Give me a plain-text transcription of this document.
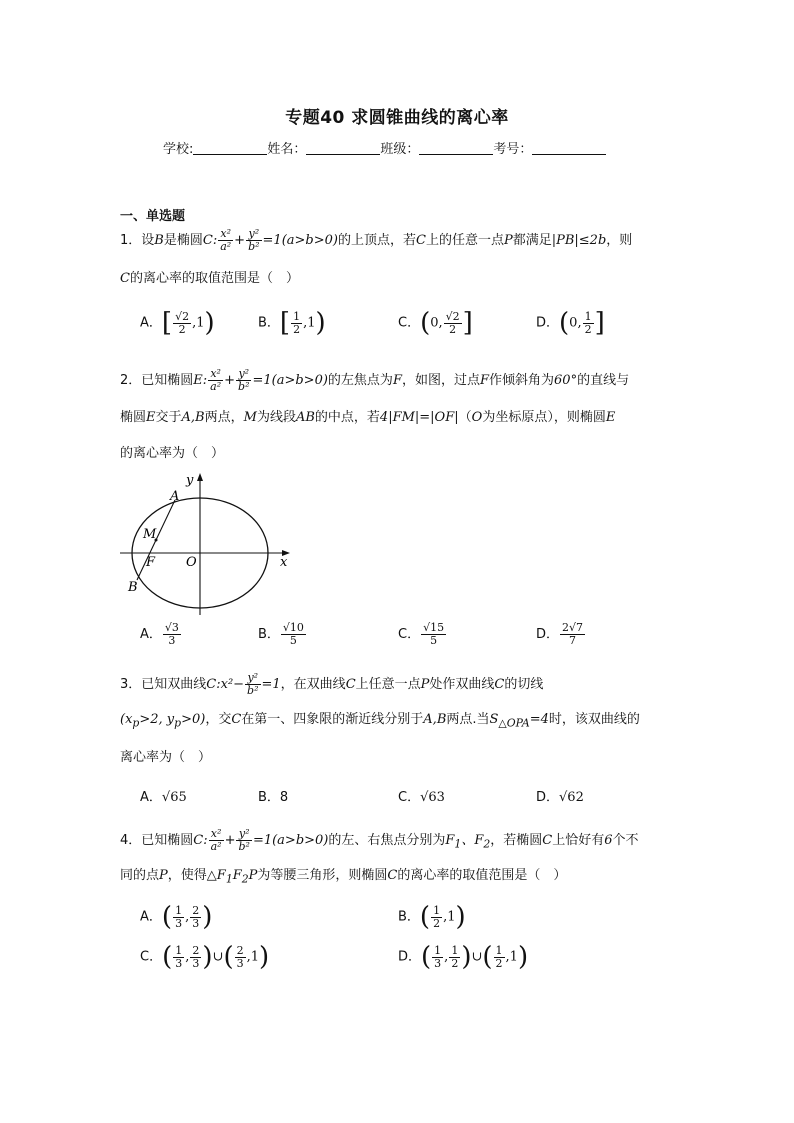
专题40 求圆锥曲线的离心率
学校:	姓名：	班级：	考号：
一、单选题
1．设B是椭圆C: $\frac{\text{x²}}{\text{a²}} + \frac{\text{y²}}{\text{b²}} =1(a>b>0)$的上顶点，若C上的任意一点P都满足|PB|≤2b，则
C的离心率的取值范围是（　）
A．[ $\frac{√2}{2} ,1$)	B．[ $\frac{1}{2} ,1$)	C．(0, $\frac{√2}{2}$ ]	D．(0, $\frac{1}{2}$ ]
2．已知椭圆E: $\frac{\text{x²}}{\text{a²}} + \frac{\text{y²}}{\text{b²}} =1(a>b>0)$的左焦点为F，如图，过点F作倾斜角为60°的直线与
椭圆E交于A,B两点，M为线段AB的中点，若4|FM|=|OF|（O为坐标原点），则椭圆E
的离心率为（　）
y
x
A
M
F O
B
A． $\frac{√3}{3}$	B． $\frac{√10}{5}$	C． $\frac{√15}{5}$	D． $\frac{2√7}{7}$
3．已知双曲线C:x²− $\frac{\text{y²}}{\text{b²}} =1$，在双曲线C上任意一点P处作双曲线C的切线
($x_p>2$, $y_p>0$)，交C在第一、四象限的渐近线分别于A,B两点.当$S_{\triangle OPA}=4$时，该双曲线的
离心率为（　）
A．√65	B．8	C．√63	D．√62
4．已知椭圆C: $\frac{\text{x²}}{\text{a²}} + \frac{\text{y²}}{\text{b²}} =1(a>b>0)$的左、右焦点分别为$F_1$、$F_2$，若椭圆C上恰好有6个不
同的点P，使得$\triangle F_1F_2P$为等腰三角形，则椭圆C的离心率的取值范围是（　）
A．( $\frac{1}{3}$ , $\frac{2}{3}$ )	B．( $\frac{1}{2} ,1$)
C．( $\frac{1}{3}$ , $\frac{2}{3}$ )∪( $\frac{2}{3} ,1$)	D．( $\frac{1}{3}$ , $\frac{1}{2}$ )∪( $\frac{1}{2} ,1$)
